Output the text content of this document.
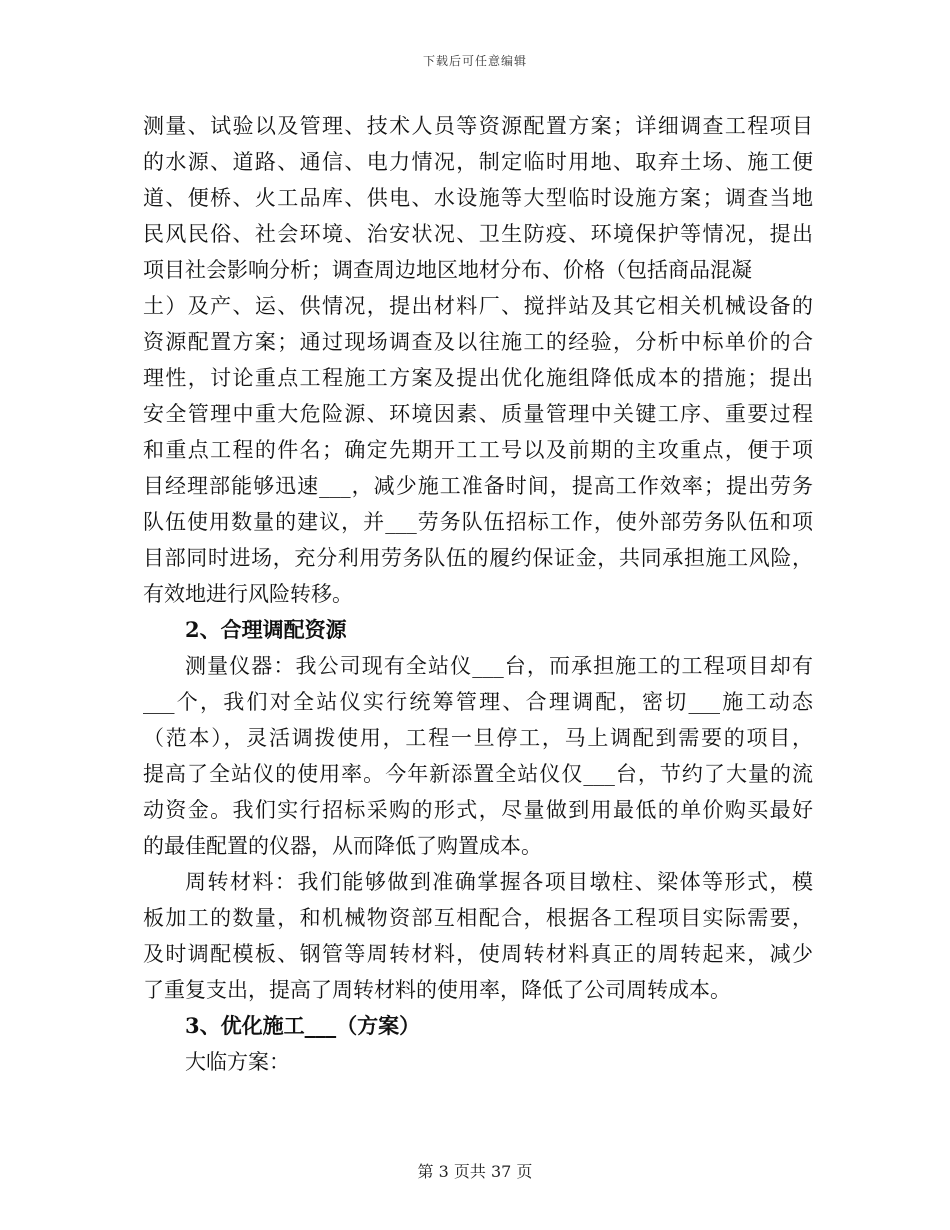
下载后可任意编辑
测量、试验以及管理、技术人员等资源配置方案；详细调查工程项目
的水源、道路、通信、电力情况，制定临时用地、取弃土场、施工便
道、便桥、火工品库、供电、水设施等大型临时设施方案；调查当地
民风民俗、社会环境、治安状况、卫生防疫、环境保护等情况，提出
项目社会影响分析；调查周边地区地材分布、价格（包括商品混凝
土）及产、运、供情况，提出材料厂、搅拌站及其它相关机械设备的
资源配置方案；通过现场调查及以往施工的经验，分析中标单价的合
理性，讨论重点工程施工方案及提出优化施组降低成本的措施；提出
安全管理中重大危险源、环境因素、质量管理中关键工序、重要过程
和重点工程的件名；确定先期开工工号以及前期的主攻重点，便于项
目经理部能够迅速___，减少施工准备时间，提高工作效率；提出劳务
队伍使用数量的建议，并___劳务队伍招标工作，使外部劳务队伍和项
目部同时进场，充分利用劳务队伍的履约保证金，共同承担施工风险，
有效地进行风险转移。
2、合理调配资源
测量仪器：我公司现有全站仪___台，而承担施工的工程项目却有
___个，我们对全站仪实行统筹管理、合理调配，密切___施工动态
（范本），灵活调拨使用，工程一旦停工，马上调配到需要的项目，
提高了全站仪的使用率。今年新添置全站仪仅___台，节约了大量的流
动资金。我们实行招标采购的形式，尽量做到用最低的单价购买最好
的最佳配置的仪器，从而降低了购置成本。
周转材料：我们能够做到准确掌握各项目墩柱、梁体等形式，模
板加工的数量，和机械物资部互相配合，根据各工程项目实际需要，
及时调配模板、钢管等周转材料，使周转材料真正的周转起来，减少
了重复支出，提高了周转材料的使用率，降低了公司周转成本。
3、优化施工___（方案）
大临方案：
第 3 页共 37 页
